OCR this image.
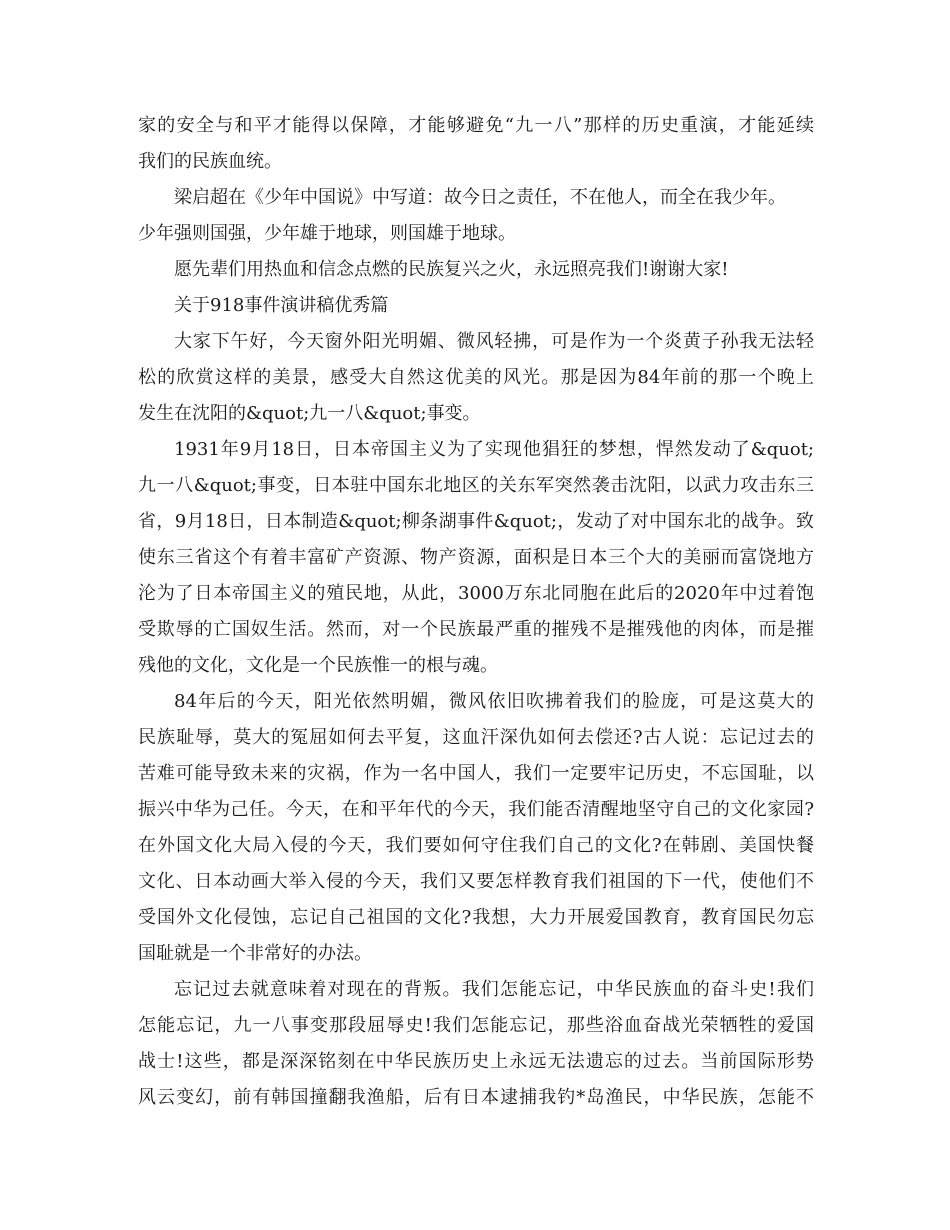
家的安全与和平才能得以保障，才能够避免“九一八”那样的历史重演，才能延续
我们的民族血统。
梁启超在《少年中国说》中写道：故今日之责任，不在他人，而全在我少年。
少年强则国强，少年雄于地球，则国雄于地球。
愿先辈们用热血和信念点燃的民族复兴之火，永远照亮我们!谢谢大家!
关于918事件演讲稿优秀篇
大家下午好，今天窗外阳光明媚、微风轻拂，可是作为一个炎黄子孙我无法轻
松的欣赏这样的美景，感受大自然这优美的风光。那是因为84年前的那一个晚上
发生在沈阳的&quot;九一八&quot;事变。
1931年9月18日，日本帝国主义为了实现他猖狂的梦想，悍然发动了&quot;
九一八&quot;事变，日本驻中国东北地区的关东军突然袭击沈阳，以武力攻击东三
省，9月18日，日本制造&quot;柳条湖事件&quot;，发动了对中国东北的战争。致
使东三省这个有着丰富矿产资源、物产资源，面积是日本三个大的美丽而富饶地方
沦为了日本帝国主义的殖民地，从此，3000万东北同胞在此后的2020年中过着饱
受欺辱的亡国奴生活。然而，对一个民族最严重的摧残不是摧残他的肉体，而是摧
残他的文化，文化是一个民族惟一的根与魂。
84年后的今天，阳光依然明媚，微风依旧吹拂着我们的脸庞，可是这莫大的
民族耻辱，莫大的冤屈如何去平复，这血汗深仇如何去偿还?古人说：忘记过去的
苦难可能导致未来的灾祸，作为一名中国人，我们一定要牢记历史，不忘国耻，以
振兴中华为己任。今天，在和平年代的今天，我们能否清醒地坚守自己的文化家园?
在外国文化大局入侵的今天，我们要如何守住我们自己的文化?在韩剧、美国快餐
文化、日本动画大举入侵的今天，我们又要怎样教育我们祖国的下一代，使他们不
受国外文化侵蚀，忘记自己祖国的文化?我想，大力开展爱国教育，教育国民勿忘
国耻就是一个非常好的办法。
忘记过去就意味着对现在的背叛。我们怎能忘记，中华民族血的奋斗史!我们
怎能忘记，九一八事变那段屈辱史!我们怎能忘记，那些浴血奋战光荣牺牲的爱国
战士!这些，都是深深铭刻在中华民族历史上永远无法遗忘的过去。当前国际形势
风云变幻，前有韩国撞翻我渔船，后有日本逮捕我钓*岛渔民，中华民族，怎能不
